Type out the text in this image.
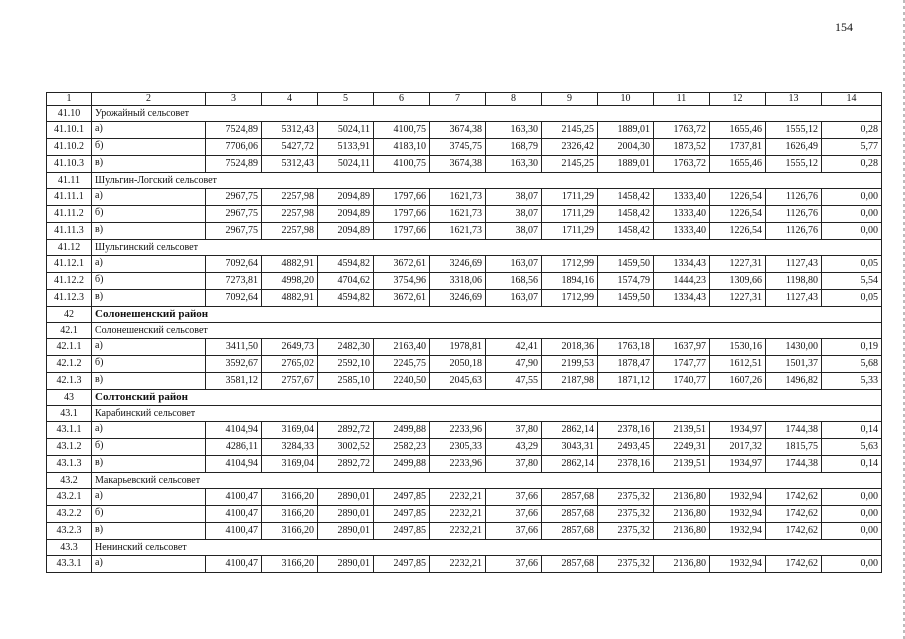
154
1	2	3	4	5	6	7	8	9	10	11	12	13	14
41.10	Урожайный сельсовет												
41.10.1	а)	7524,89	5312,43	5024,11	4100,75	3674,38	163,30	2145,25	1889,01	1763,72	1655,46	1555,12	0,28
41.10.2	б)	7706,06	5427,72	5133,91	4183,10	3745,75	168,79	2326,42	2004,30	1873,52	1737,81	1626,49	5,77
41.10.3	в)	7524,89	5312,43	5024,11	4100,75	3674,38	163,30	2145,25	1889,01	1763,72	1655,46	1555,12	0,28
41.11	Шульгин-Логский сельсовет												
41.11.1	а)	2967,75	2257,98	2094,89	1797,66	1621,73	38,07	1711,29	1458,42	1333,40	1226,54	1126,76	0,00
41.11.2	б)	2967,75	2257,98	2094,89	1797,66	1621,73	38,07	1711,29	1458,42	1333,40	1226,54	1126,76	0,00
41.11.3	в)	2967,75	2257,98	2094,89	1797,66	1621,73	38,07	1711,29	1458,42	1333,40	1226,54	1126,76	0,00
41.12	Шульгинский сельсовет												
41.12.1	а)	7092,64	4882,91	4594,82	3672,61	3246,69	163,07	1712,99	1459,50	1334,43	1227,31	1127,43	0,05
41.12.2	б)	7273,81	4998,20	4704,62	3754,96	3318,06	168,56	1894,16	1574,79	1444,23	1309,66	1198,80	5,54
41.12.3	в)	7092,64	4882,91	4594,82	3672,61	3246,69	163,07	1712,99	1459,50	1334,43	1227,31	1127,43	0,05
42	Солонешенский район												
42.1	Солонешенский сельсовет												
42.1.1	а)	3411,50	2649,73	2482,30	2163,40	1978,81	42,41	2018,36	1763,18	1637,97	1530,16	1430,00	0,19
42.1.2	б)	3592,67	2765,02	2592,10	2245,75	2050,18	47,90	2199,53	1878,47	1747,77	1612,51	1501,37	5,68
42.1.3	в)	3581,12	2757,67	2585,10	2240,50	2045,63	47,55	2187,98	1871,12	1740,77	1607,26	1496,82	5,33
43	Солтонский район												
43.1	Карабинский сельсовет												
43.1.1	а)	4104,94	3169,04	2892,72	2499,88	2233,96	37,80	2862,14	2378,16	2139,51	1934,97	1744,38	0,14
43.1.2	б)	4286,11	3284,33	3002,52	2582,23	2305,33	43,29	3043,31	2493,45	2249,31	2017,32	1815,75	5,63
43.1.3	в)	4104,94	3169,04	2892,72	2499,88	2233,96	37,80	2862,14	2378,16	2139,51	1934,97	1744,38	0,14
43.2	Макарьевский сельсовет												
43.2.1	а)	4100,47	3166,20	2890,01	2497,85	2232,21	37,66	2857,68	2375,32	2136,80	1932,94	1742,62	0,00
43.2.2	б)	4100,47	3166,20	2890,01	2497,85	2232,21	37,66	2857,68	2375,32	2136,80	1932,94	1742,62	0,00
43.2.3	в)	4100,47	3166,20	2890,01	2497,85	2232,21	37,66	2857,68	2375,32	2136,80	1932,94	1742,62	0,00
43.3	Ненинский сельсовет												
43.3.1	а)	4100,47	3166,20	2890,01	2497,85	2232,21	37,66	2857,68	2375,32	2136,80	1932,94	1742,62	0,00
